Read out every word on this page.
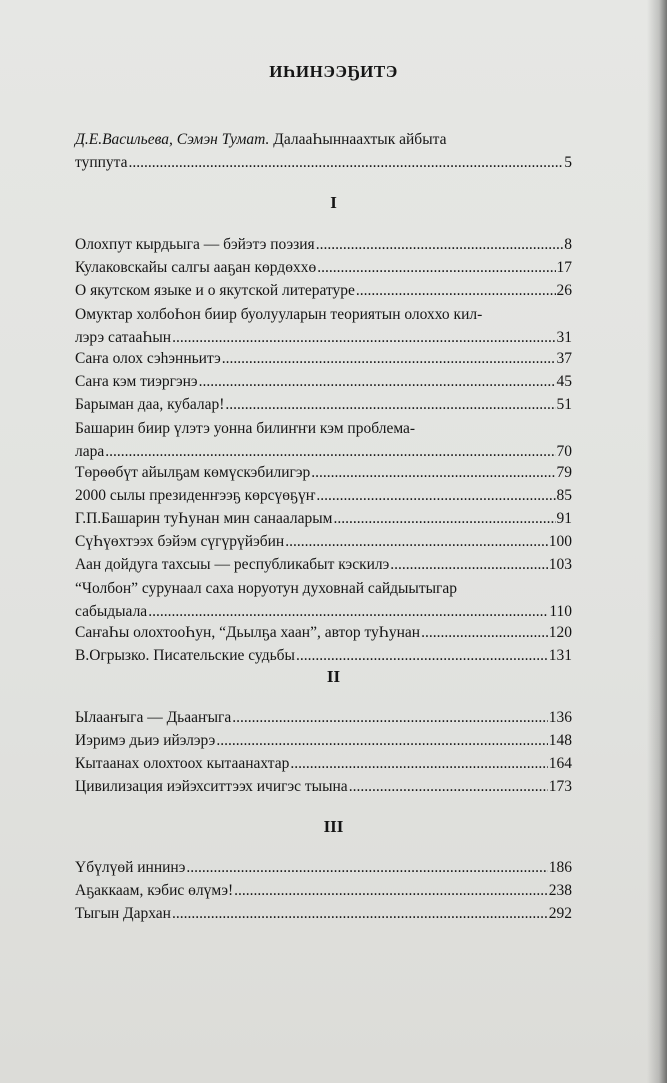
ИҺИНЭЭҔИТЭ
Д.Е.Васильева, Сэмэн Тумат. ДалааҺыннаахтык айбыта
туппута .....	5
I
Олохпут кырдьыга — бэйэтэ поэзия .....	8
Кулаковскайы салгы ааҕан көрдөххө .....	17
О якутском языке и о якутской литературе .....	26
Омуктар холбоҺон биир буолууларын теориятын олоххо кил-
лэрэ сатааҺын .....	31
Саҥа олох сэhэнньитэ .....	37
Саҥа кэм тиэргэнэ .....	45
Барыман даа, кубалар! .....	51
Башарин биир үлэтэ уонна билиҥҥи кэм проблема-
лара .....	70
Төрөөбүт айылҕам көмүскэбилигэр .....	79
2000 сылы президенҥээҕ көрсүөҕүҥ .....	85
Г.П.Башарин туҺунан мин санааларым .....	91
СүҺүөхтээх бэйэм сүгүрүйэбин .....	100
Аан дойдуга тахсыы — республикабыт кэскилэ .....	103
“Чолбон” сурунаал саха норуотун духовнай сайдыытыгар
сабыдыала .....	110
СаҥаҺы олохтооҺун, “Дьылҕа хаан”, автор туҺунан .....	120
В.Огрызко. Писательские судьбы .....	131
II
Ылааҥыга — Дьааҥыга .....	136
Иэримэ дьиэ ийэлэрэ .....	148
Кытаанах олохтоох кытаанахтар .....	164
Цивилизация иэйэхситтээх ичигэс тыына .....	173
III
Үбүлүөй иннинэ .....	186
Аҕаккаам, кэбис өлүмэ! .....	238
Тыгын Дархан .....	292
